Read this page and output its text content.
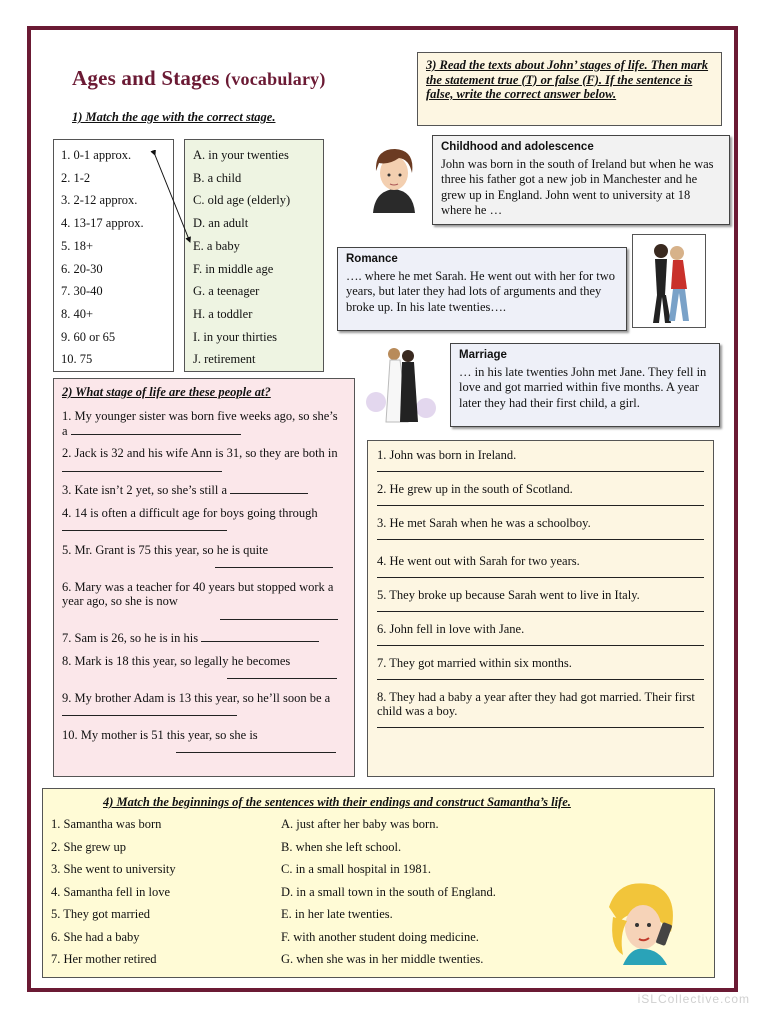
Ages and Stages (vocabulary)
1) Match the age with the correct stage.
1. 0-1 approx.
2. 1-2
3. 2-12 approx.
4. 13-17 approx.
5. 18+
6. 20-30
7. 30-40
8. 40+
9. 60 or 65
10. 75
A. in your twenties
B. a child
C. old age (elderly)
D. an adult
E. a baby
F. in middle age
G. a teenager
H. a toddler
I. in your thirties
J. retirement
2) What stage of life are these people at?

1. My younger sister was born five weeks ago, so she’s a

2. Jack is 32 and his wife Ann is 31, so they are both in

3. Kate isn’t 2 yet, so she’s still a

4. 14 is often a difficult age for boys going through

5. Mr. Grant is 75 this year, so he is quite

6. Mary was a teacher for 40 years but stopped work a year ago, so she is now

7. Sam is 26, so he is in his

8. Mark is 18 this year, so legally he becomes

9. My brother Adam is 13 this year, so he’ll soon be a

10. My mother is 51 this year, so she is

3) Read the texts about John’ stages of life. Then mark the statement true (T) or false (F). If the sentence is false, write the correct answer below.
Childhood and adolescence
John was born in the south of Ireland but when he was three his father got a new job in Manchester and he grew up in England. John went to university at 18 where he …
Romance
…. where he met Sarah. He went out with her for two years, but later they had lots of arguments and they broke up. In his late twenties….
Marriage
… in his late twenties John met Jane. They fell in love and got married within five months. A year later they had their first child, a girl.

1. John was born in Ireland.

2. He grew up in the south of Scotland.

3. He met Sarah when he was a schoolboy.

4. He went out with Sarah for two years.

5. They broke up because Sarah went to live in Italy.

6. John fell in love with Jane.

7. They got married within six months.

8. They had a baby a year after they had got married. Their first child was a boy.

4) Match the beginnings of the sentences with their endings and construct Samantha’s life.
1. Samantha was born
2. She grew up
3. She went to university
4. Samantha fell in love
5. They got married
6. She had a baby
7. Her mother retired
A. just after her baby was born.
B. when she left school.
C. in a small hospital in 1981.
D. in a small town in the south of England.
E. in her late twenties.
F. with another student doing medicine.
G. when she was in her middle twenties.
iSLCollective.com
